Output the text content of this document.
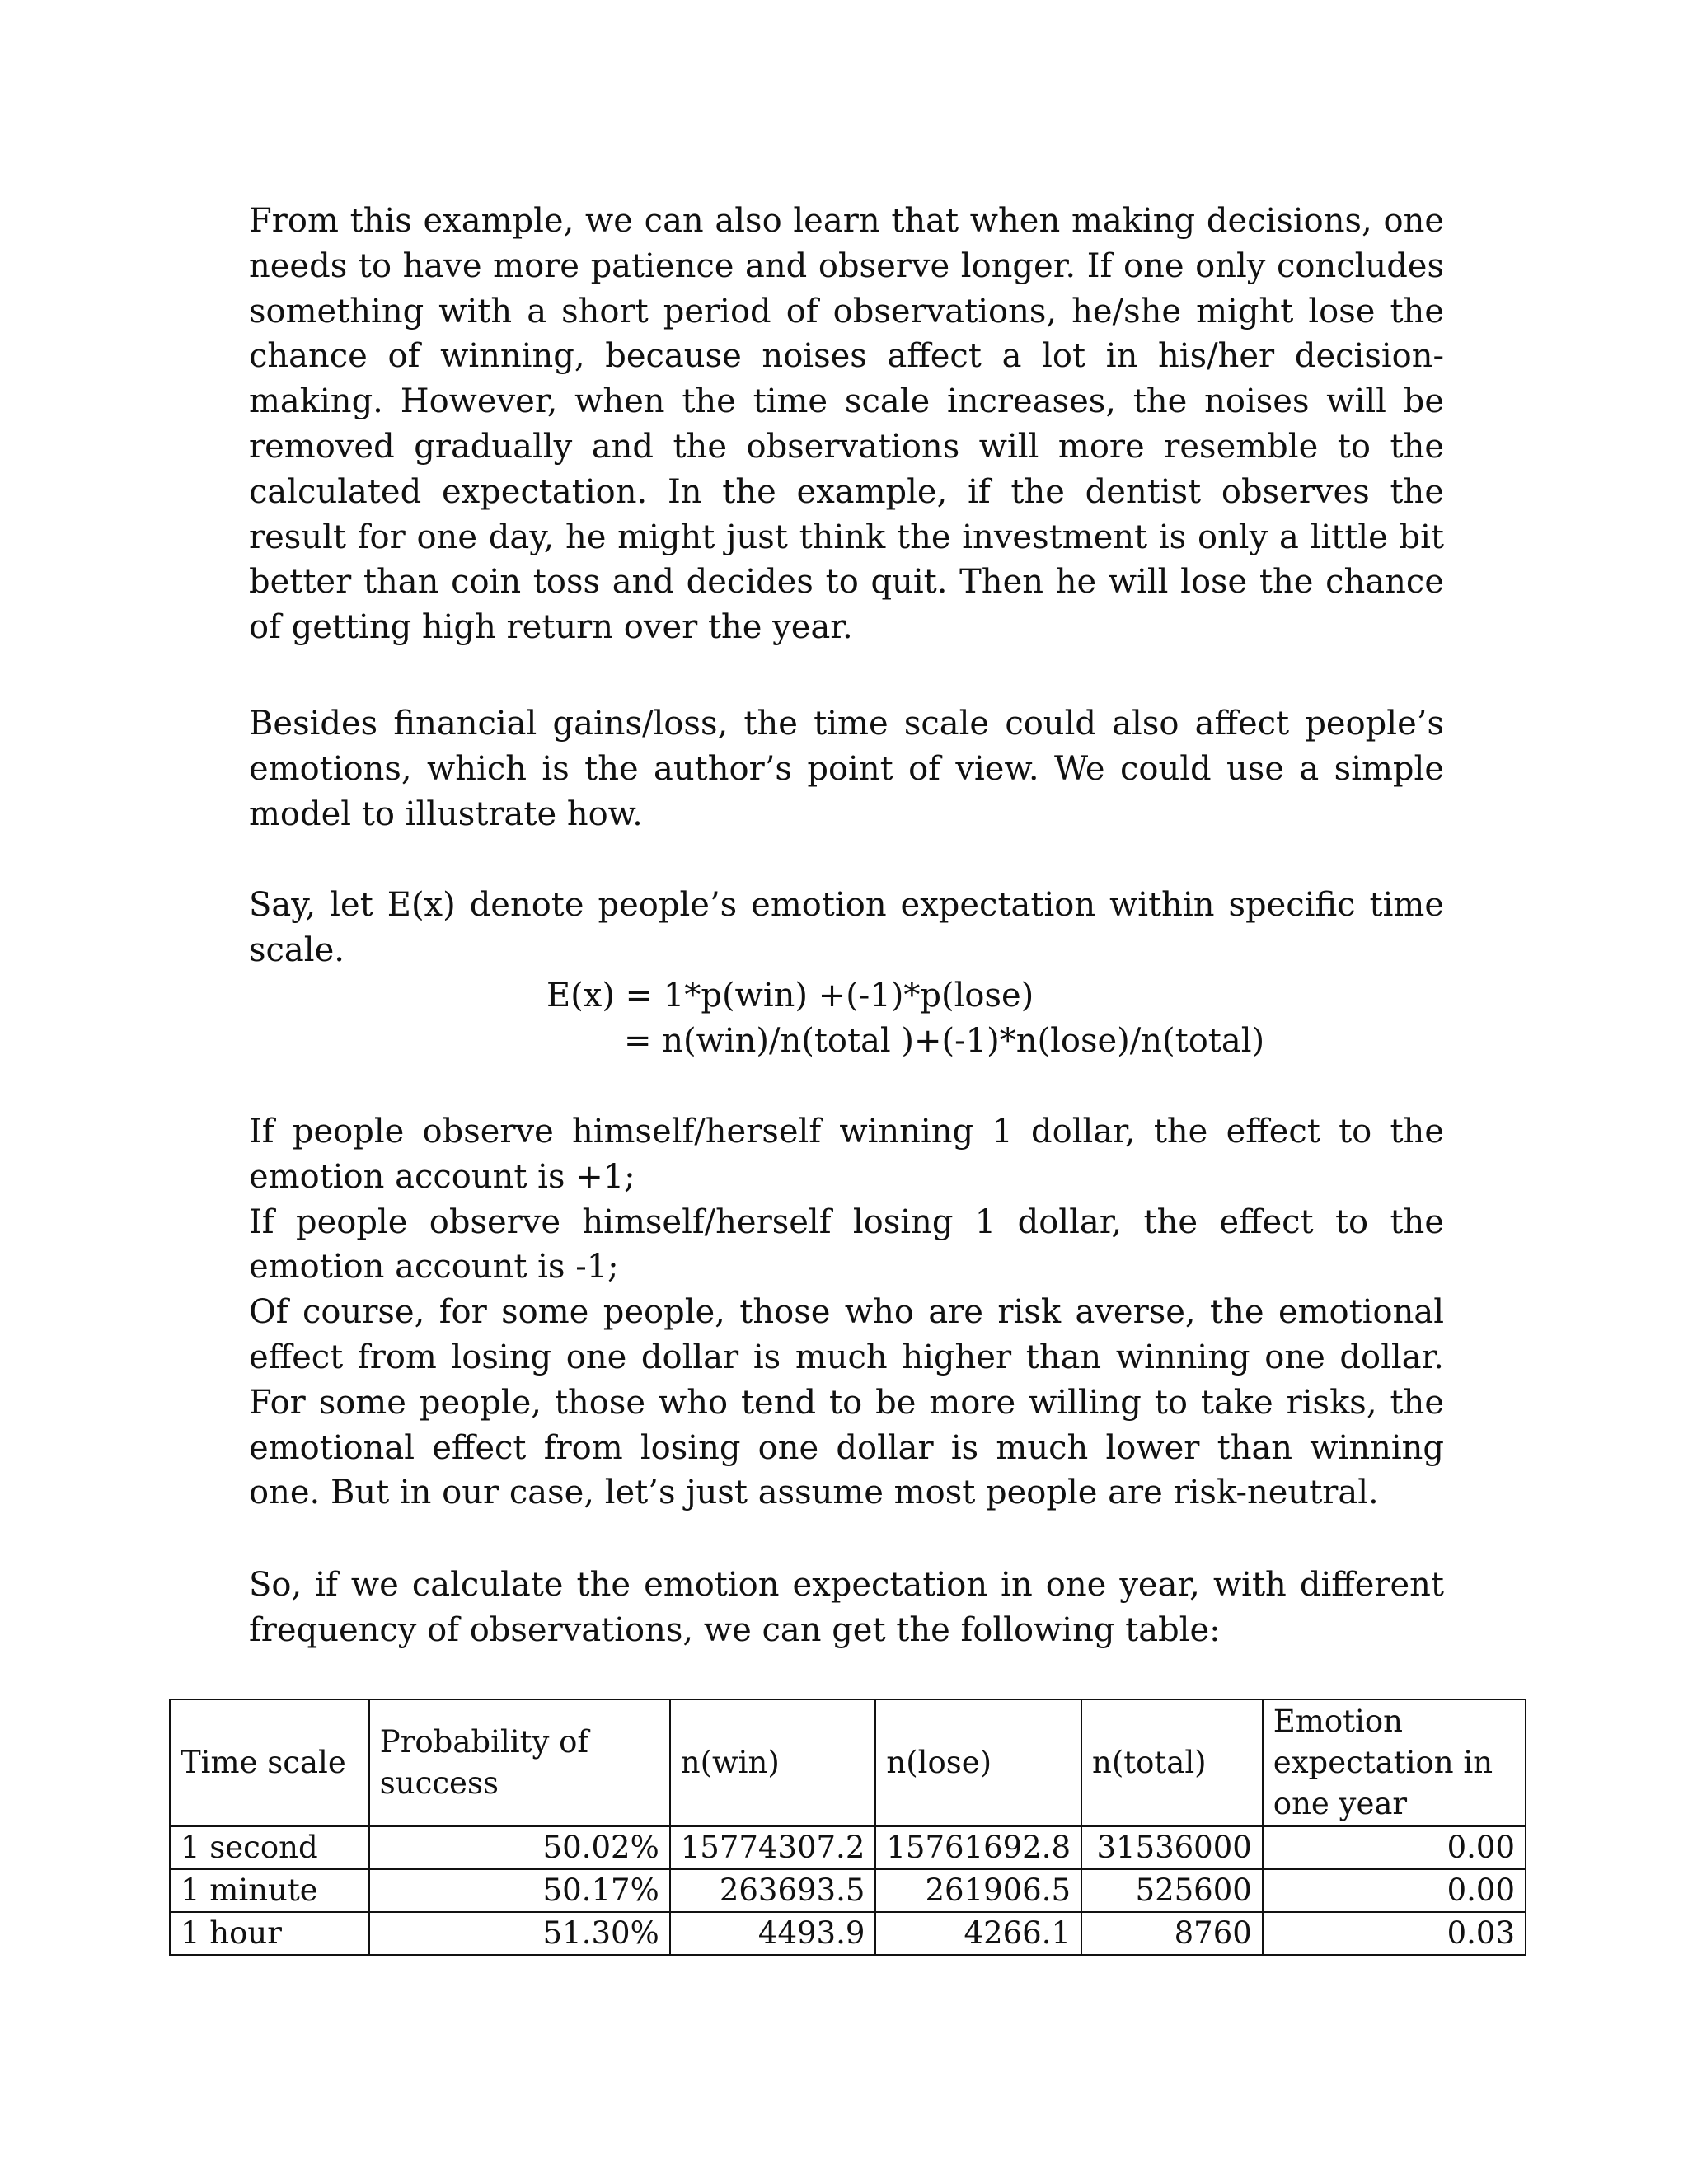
From this example, we can also learn that when making decisions, one needs to have more patience and observe longer. If one only concludes something with a short period of observations, he/she might lose the chance of winning, because noises affect a lot in his/her decision-making. However, when the time scale increases, the noises will be removed gradually and the observations will more resemble to the calculated expectation. In the example, if the dentist observes the result for one day, he might just think the investment is only a little bit better than coin toss and decides to quit. Then he will lose the chance of getting high return over the year.
Besides financial gains/loss, the time scale could also affect people’s emotions, which is the author’s point of view. We could use a simple model to illustrate how.
Say, let E(x) denote people’s emotion expectation within specific time scale.
E(x) = 1*p(win) +(-1)*p(lose)
= n(win)/n(total )+(-1)*n(lose)/n(total)
If people observe himself/herself winning 1 dollar, the effect to the emotion account is +1;
If people observe himself/herself losing 1 dollar, the effect to the emotion account is -1;
Of course, for some people, those who are risk averse, the emotional effect from losing one dollar is much higher than winning one dollar. For some people, those who tend to be more willing to take risks, the emotional effect from losing one dollar is much lower than winning one. But in our case, let’s just assume most people are risk-neutral.
So, if we calculate the emotion expectation in one year, with different frequency of observations, we can get the following table:
Time scale	Probability of success	n(win)	n(lose)	n(total)	Emotion expectation in one year
1 second	50.02%	15774307.2	15761692.8	31536000	0.00
1 minute	50.17%	263693.5	261906.5	525600	0.00
1 hour	51.30%	4493.9	4266.1	8760	0.03
